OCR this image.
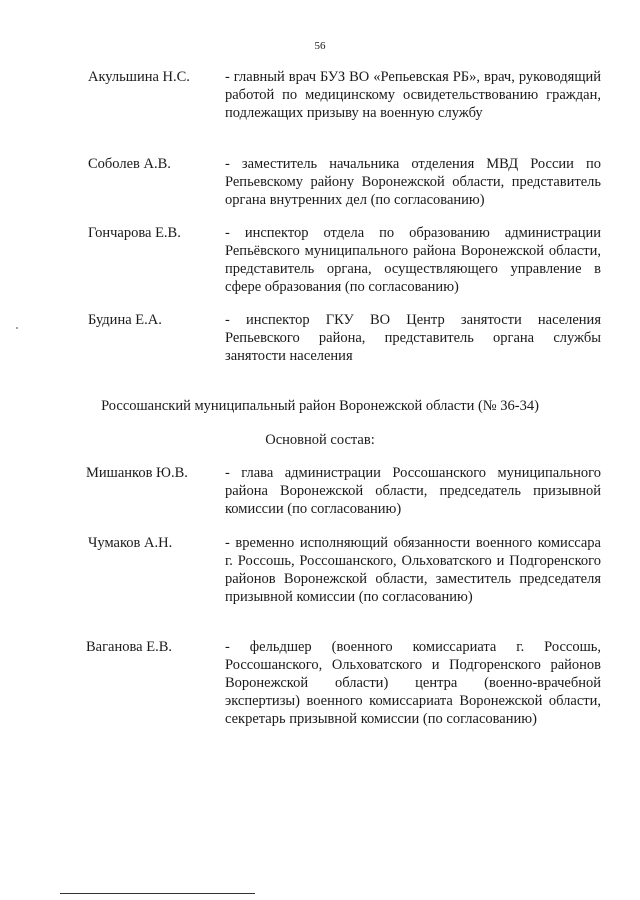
56
Акульшина Н.С. - главный врач БУЗ ВО «Репьевская РБ», врач, руководящий работой по медицинскому освидетельствованию граждан, подлежащих призыву на военную службу
Соболев А.В.	- заместитель начальника отделения МВД России по Репьевскому району Воронежской области, представитель органа внутренних дел (по согласованию)
Гончарова Е.В.	- инспектор отдела по образованию администрации Репьёвского муниципального района Воронежской области, представитель органа, осуществляющего управление в сфере образования (по согласованию)
Будина Е.А.	- инспектор ГКУ ВО Центр занятости населения Репьевского района, представитель органа службы занятости населения
Россошанский муниципальный район Воронежской области (№ 36-34)
Основной состав:
Мишанков Ю.В.	- глава администрации Россошанского муниципального района Воронежской области, председатель призывной комиссии (по согласованию)
Чумаков А.Н.	- временно исполняющий обязанности военного комиссара г. Россошь, Россошанского, Ольховатского и Подгоренского районов Воронежской области, заместитель председателя призывной комиссии (по согласованию)
Ваганова Е.В.	- фельдшер (военного комиссариата г. Россошь, Россошанского, Ольховатского и Подгоренского районов Воронежской области) центра (военно-врачебной экспертизы) военного комиссариата Воронежской области, секретарь призывной комиссии (по согласованию)
